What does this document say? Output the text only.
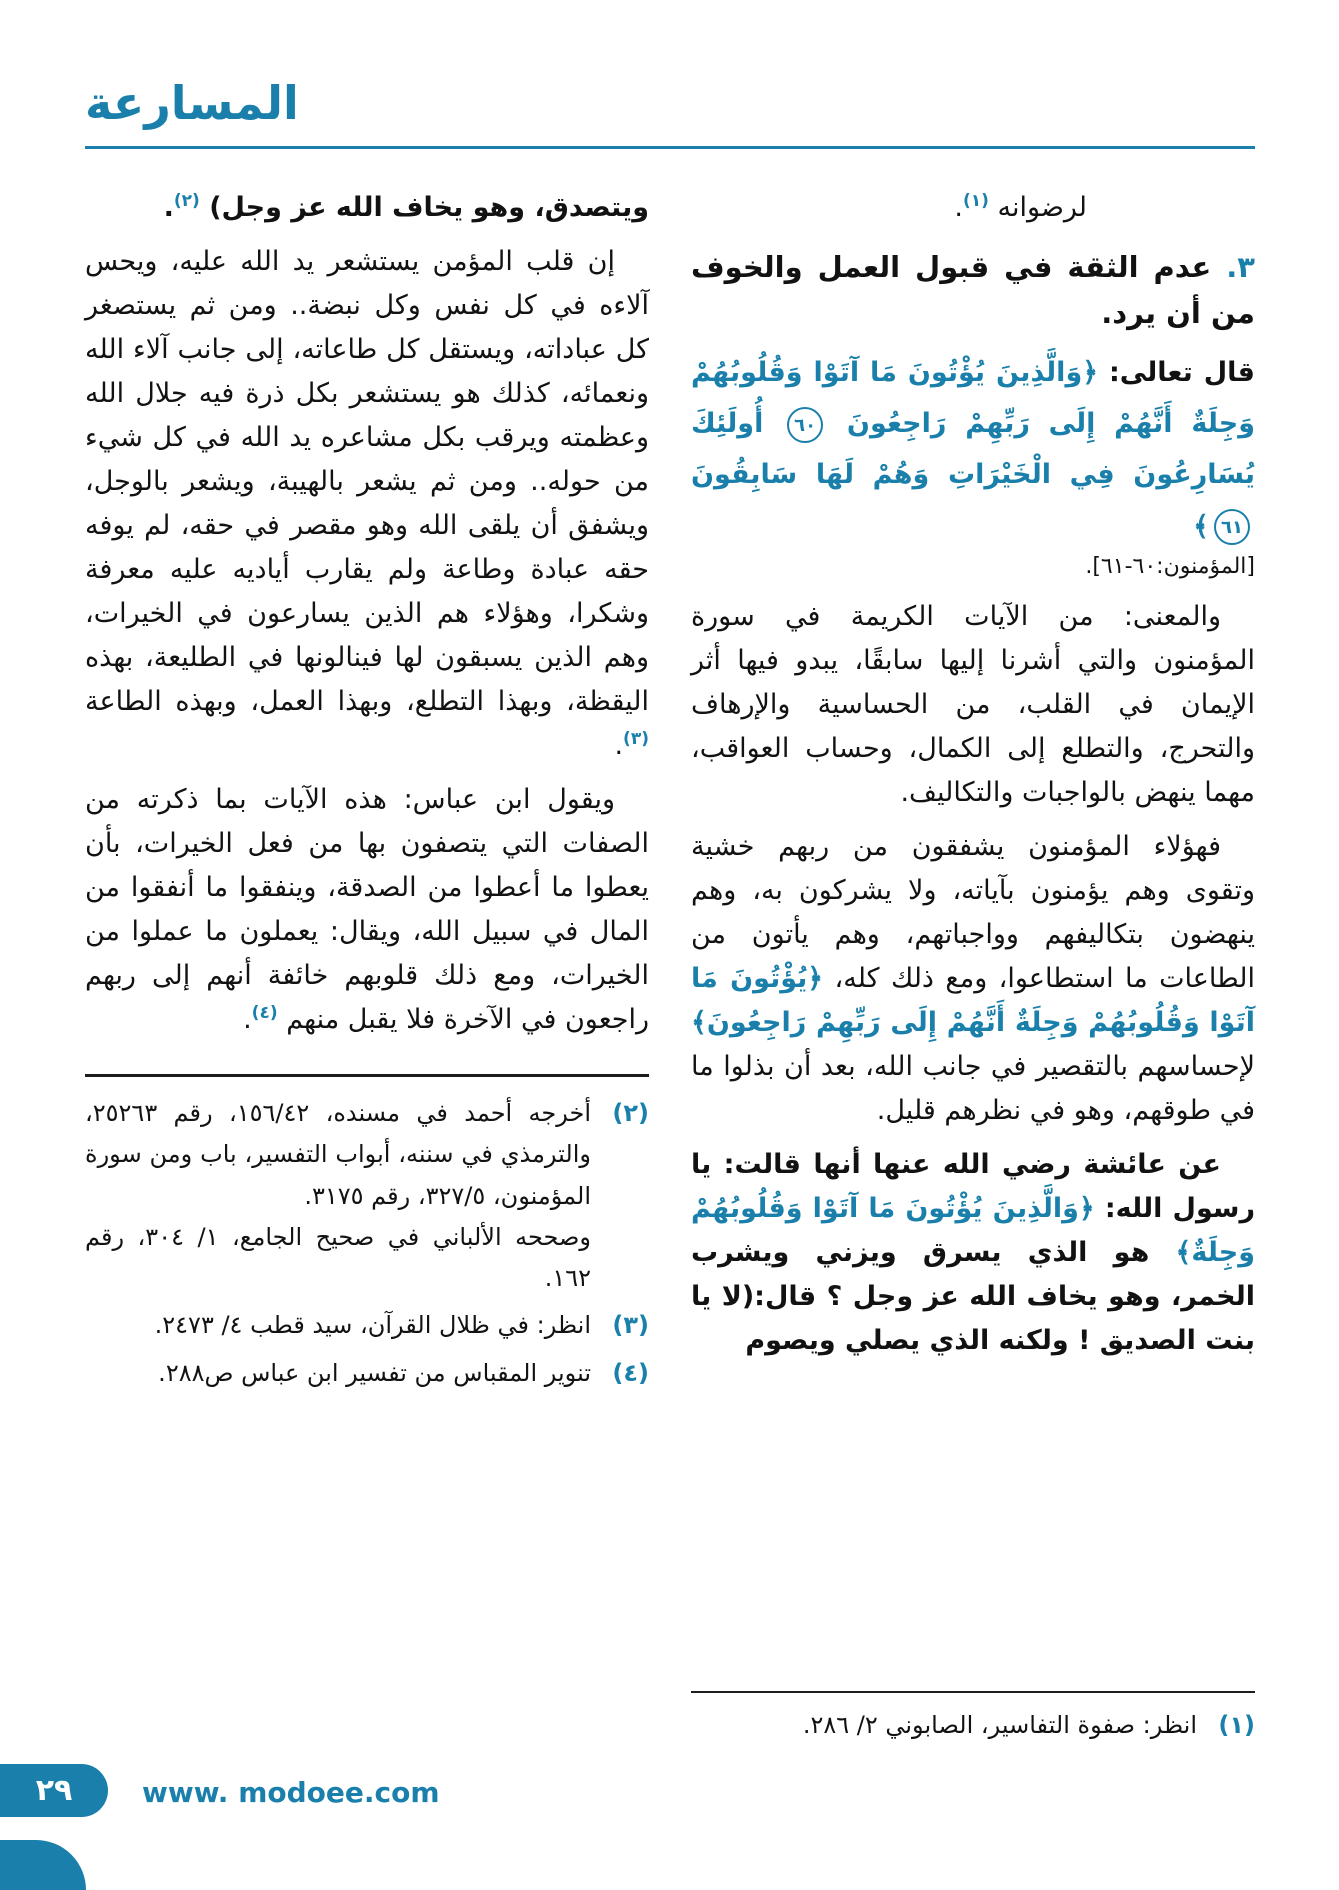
المسارعة

لرضوانه $^{(١)}$.

٣. عدم الثقة في قبول العمل والخوف من أن يرد.

قال تعالى: ﴿وَالَّذِينَ يُؤْتُونَ مَا آتَوْا وَقُلُوبُهُمْ وَجِلَةٌ أَنَّهُمْ إِلَى رَبِّهِمْ رَاجِعُونَ ٦٠ أُولَئِكَ يُسَارِعُونَ فِي الْخَيْرَاتِ وَهُمْ لَهَا سَابِقُونَ ٦١﴾

[المؤمنون:٦٠-٦١].

والمعنى: من الآيات الكريمة في سورة المؤمنون والتي أشرنا إليها سابقًا، يبدو فيها أثر الإيمان في القلب، من الحساسية والإرهاف والتحرج، والتطلع إلى الكمال، وحساب العواقب، مهما ينهض بالواجبات والتكاليف.

فهؤلاء المؤمنون يشفقون من ربهم خشية وتقوى وهم يؤمنون بآياته، ولا يشركون به، وهم ينهضون بتكاليفهم وواجباتهم، وهم يأتون من الطاعات ما استطاعوا، ومع ذلك كله، ﴿يُؤْتُونَ مَا آتَوْا وَقُلُوبُهُمْ وَجِلَةٌ أَنَّهُمْ إِلَى رَبِّهِمْ رَاجِعُونَ﴾ لإحساسهم بالتقصير في جانب الله، بعد أن بذلوا ما في طوقهم، وهو في نظرهم قليل.

عن عائشة رضي الله عنها أنها قالت: يا رسول الله: ﴿وَالَّذِينَ يُؤْتُونَ مَا آتَوْا وَقُلُوبُهُمْ وَجِلَةٌ﴾ هو الذي يسرق ويزني ويشرب الخمر، وهو يخاف الله عز وجل ؟ قال:(لا يا بنت الصديق ! ولكنه الذي يصلي ويصوم

(١)

انظر: صفوة التفاسير، الصابوني ٢/ ٢٨٦.

ويتصدق، وهو يخاف الله عز وجل) $^{(٢)}$.

إن قلب المؤمن يستشعر يد الله عليه، ويحس آلاءه في كل نفس وكل نبضة.. ومن ثم يستصغر كل عباداته، ويستقل كل طاعاته، إلى جانب آلاء الله ونعمائه، كذلك هو يستشعر بكل ذرة فيه جلال الله وعظمته ويرقب بكل مشاعره يد الله في كل شيء من حوله.. ومن ثم يشعر بالهيبة، ويشعر بالوجل، ويشفق أن يلقى الله وهو مقصر في حقه، لم يوفه حقه عبادة وطاعة ولم يقارب أياديه عليه معرفة وشكرا، وهؤلاء هم الذين يسارعون في الخيرات، وهم الذين يسبقون لها فينالونها في الطليعة، بهذه اليقظة، وبهذا التطلع، وبهذا العمل، وبهذه الطاعة $^{(٣)}$.

ويقول ابن عباس: هذه الآيات بما ذكرته من الصفات التي يتصفون بها من فعل الخيرات، بأن يعطوا ما أعطوا من الصدقة، وينفقوا ما أنفقوا من المال في سبيل الله، ويقال: يعملون ما عملوا من الخيرات، ومع ذلك قلوبهم خائفة أنهم إلى ربهم راجعون في الآخرة فلا يقبل منهم $^{(٤)}$.

(٢)

أخرجه أحمد في مسنده، ١٥٦/٤٢، رقم ٢٥٢٦٣، والترمذي في سننه، أبواب التفسير، باب ومن سورة المؤمنون، ٣٢٧/٥، رقم ٣١٧٥.

وصححه الألباني في صحيح الجامع، ١/ ٣٠٤، رقم ١٦٢.

(٣)

انظر: في ظلال القرآن، سيد قطب ٤/ ٢٤٧٣.

(٤)

تنوير المقباس من تفسير ابن عباس ص٢٨٨.

٢٩	www. modoee.com
